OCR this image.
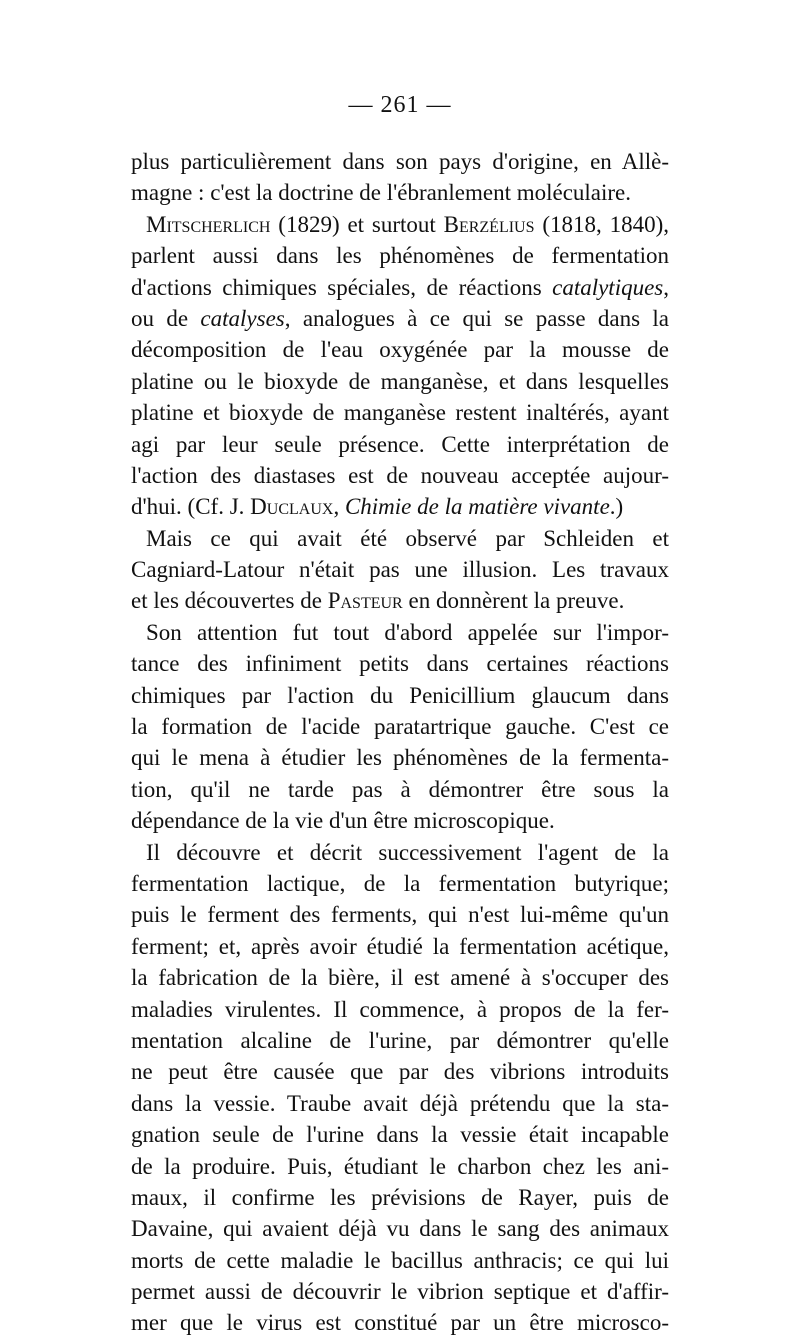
— 261 —
plus particulièrement dans son pays d'origine, en Allè-
magne : c'est la doctrine de l'ébranlement moléculaire.
Mitscherlich (1829) et surtout Berzélius (1818, 1840),
parlent aussi dans les phénomènes de fermentation
d'actions chimiques spéciales, de réactions catalytiques,
ou de catalyses, analogues à ce qui se passe dans la
décomposition de l'eau oxygénée par la mousse de
platine ou le bioxyde de manganèse, et dans lesquelles
platine et bioxyde de manganèse restent inaltérés, ayant
agi par leur seule présence. Cette interprétation de
l'action des diastases est de nouveau acceptée aujour-
d'hui. (Cf. J. Duclaux, Chimie de la matière vivante.)
Mais ce qui avait été observé par Schleiden et
Cagniard-Latour n'était pas une illusion. Les travaux
et les découvertes de Pasteur en donnèrent la preuve.
Son attention fut tout d'abord appelée sur l'impor-
tance des infiniment petits dans certaines réactions
chimiques par l'action du Penicillium glaucum dans
la formation de l'acide paratartrique gauche. C'est ce
qui le mena à étudier les phénomènes de la fermenta-
tion, qu'il ne tarde pas à démontrer être sous la
dépendance de la vie d'un être microscopique.
Il découvre et décrit successivement l'agent de la
fermentation lactique, de la fermentation butyrique;
puis le ferment des ferments, qui n'est lui-même qu'un
ferment; et, après avoir étudié la fermentation acétique,
la fabrication de la bière, il est amené à s'occuper des
maladies virulentes. Il commence, à propos de la fer-
mentation alcaline de l'urine, par démontrer qu'elle
ne peut être causée que par des vibrions introduits
dans la vessie. Traube avait déjà prétendu que la sta-
gnation seule de l'urine dans la vessie était incapable
de la produire. Puis, étudiant le charbon chez les ani-
maux, il confirme les prévisions de Rayer, puis de
Davaine, qui avaient déjà vu dans le sang des animaux
morts de cette maladie le bacillus anthracis; ce qui lui
permet aussi de découvrir le vibrion septique et d'affir-
mer que le virus est constitué par un être microsco-
